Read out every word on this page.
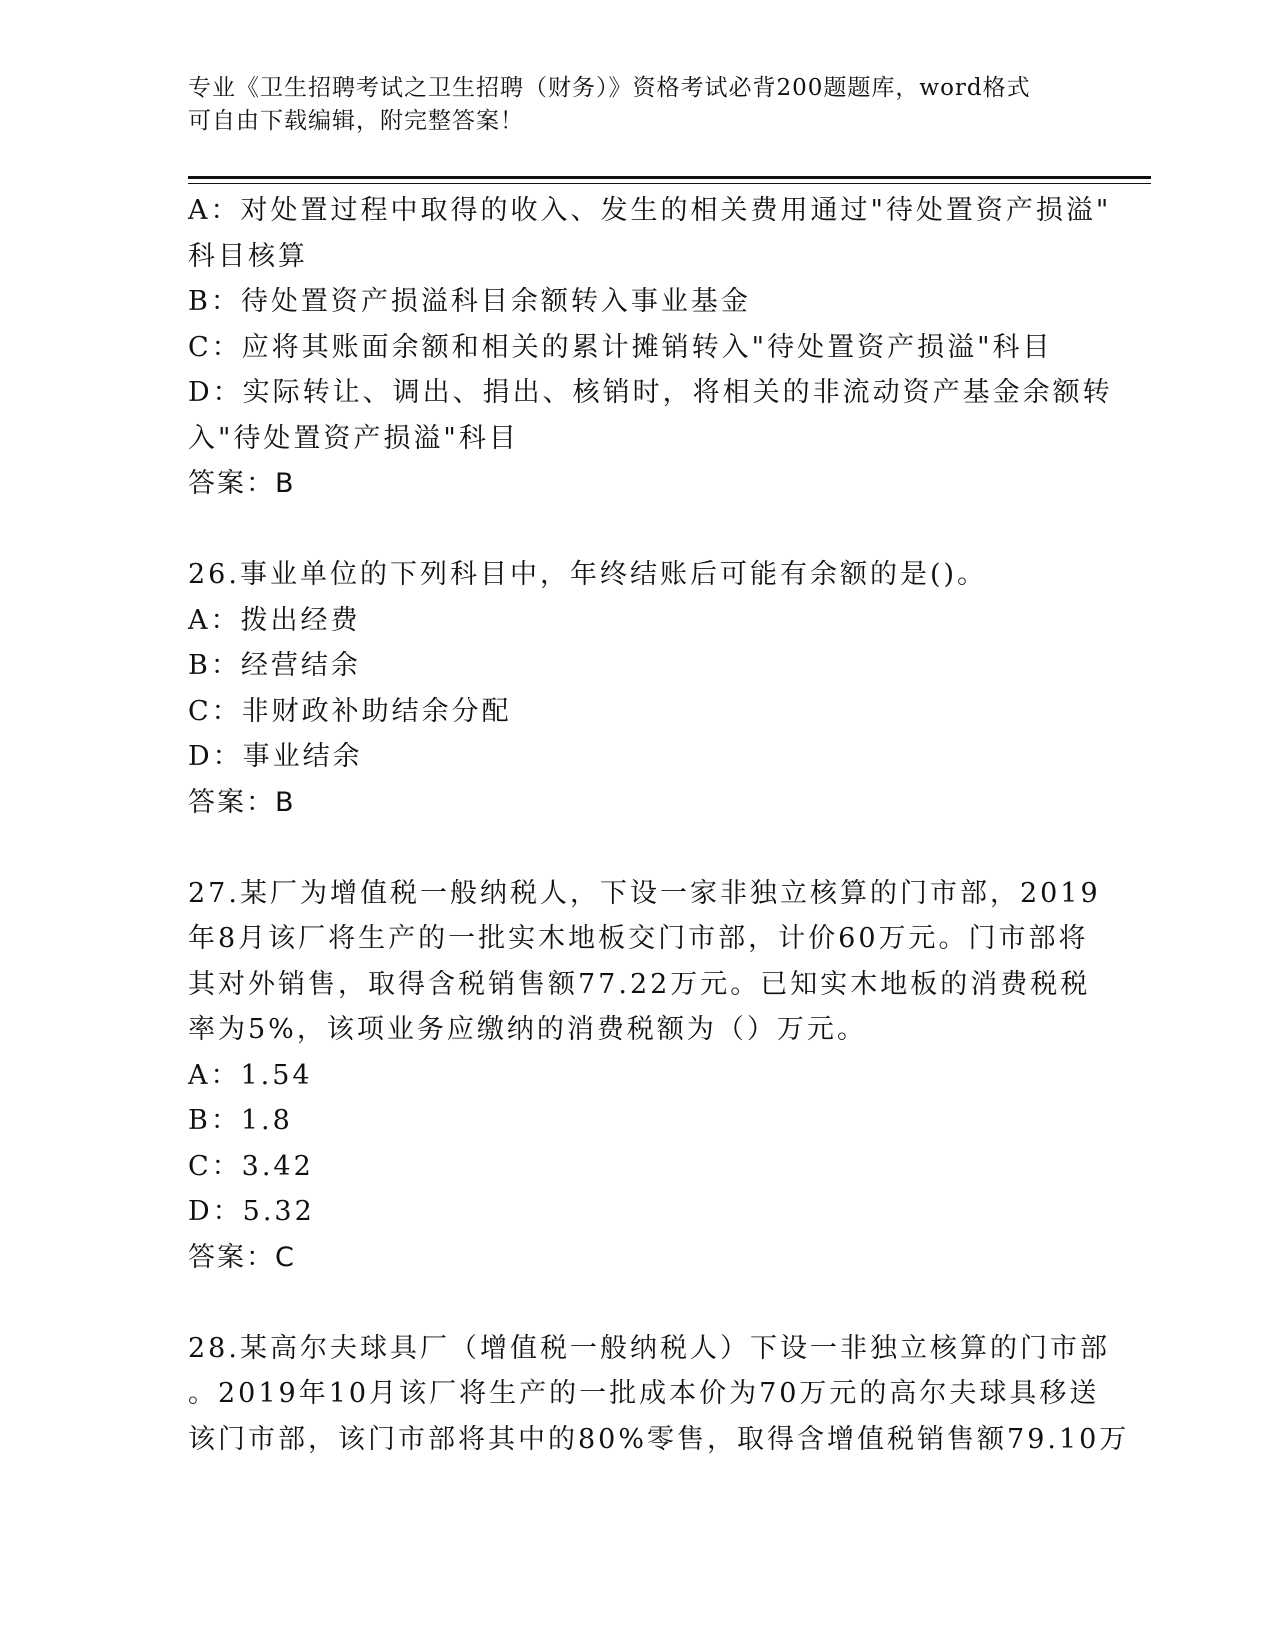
专业《卫生招聘考试之卫生招聘（财务）》资格考试必背200题题库，word格式
可自由下载编辑，附完整答案！
A：对处置过程中取得的收入、发生的相关费用通过"待处置资产损溢"
科目核算
B：待处置资产损溢科目余额转入事业基金
C：应将其账面余额和相关的累计摊销转入"待处置资产损溢"科目
D：实际转让、调出、捐出、核销时，将相关的非流动资产基金余额转
入"待处置资产损溢"科目
答案：B
26.事业单位的下列科目中，年终结账后可能有余额的是()。
A：拨出经费
B：经营结余
C：非财政补助结余分配
D：事业结余
答案：B
27.某厂为增值税一般纳税人，下设一家非独立核算的门市部，2019
年8月该厂将生产的一批实木地板交门市部，计价60万元。门市部将
其对外销售，取得含税销售额77.22万元。已知实木地板的消费税税
率为5%，该项业务应缴纳的消费税额为（）万元。
A：1.54
B：1.8
C：3.42
D：5.32
答案：C
28.某高尔夫球具厂（增值税一般纳税人）下设一非独立核算的门市部
。2019年10月该厂将生产的一批成本价为70万元的高尔夫球具移送
该门市部，该门市部将其中的80%零售，取得含增值税销售额79.10万
